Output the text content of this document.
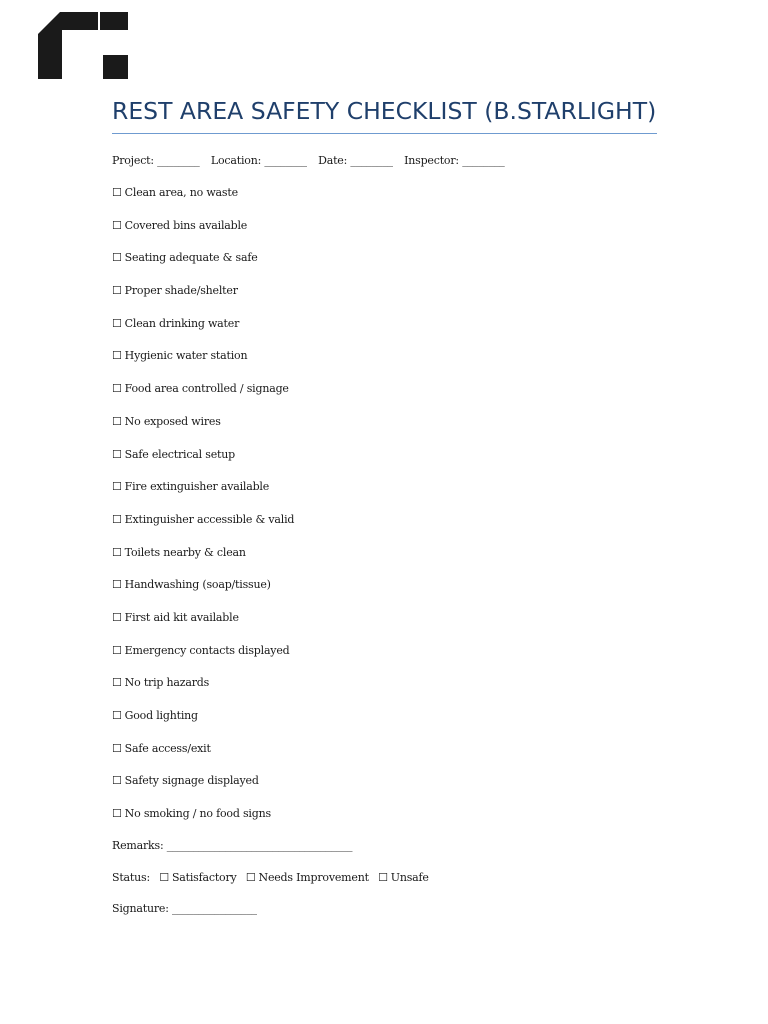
REST AREA SAFETY CHECKLIST (B.STARLIGHT)
Project: ________ Location: ________ Date: ________ Inspector: ________
☐ Clean area, no waste
☐ Covered bins available
☐ Seating adequate & safe
☐ Proper shade/shelter
☐ Clean drinking water
☐ Hygienic water station
☐ Food area controlled / signage
☐ No exposed wires
☐ Safe electrical setup
☐ Fire extinguisher available
☐ Extinguisher accessible & valid
☐ Toilets nearby & clean
☐ Handwashing (soap/tissue)
☐ First aid kit available
☐ Emergency contacts displayed
☐ No trip hazards
☐ Good lighting
☐ Safe access/exit
☐ Safety signage displayed
☐ No smoking / no food signs
Remarks: ___________________________________
Status: ☐ Satisfactory ☐ Needs Improvement ☐ Unsafe
Signature: ________________
